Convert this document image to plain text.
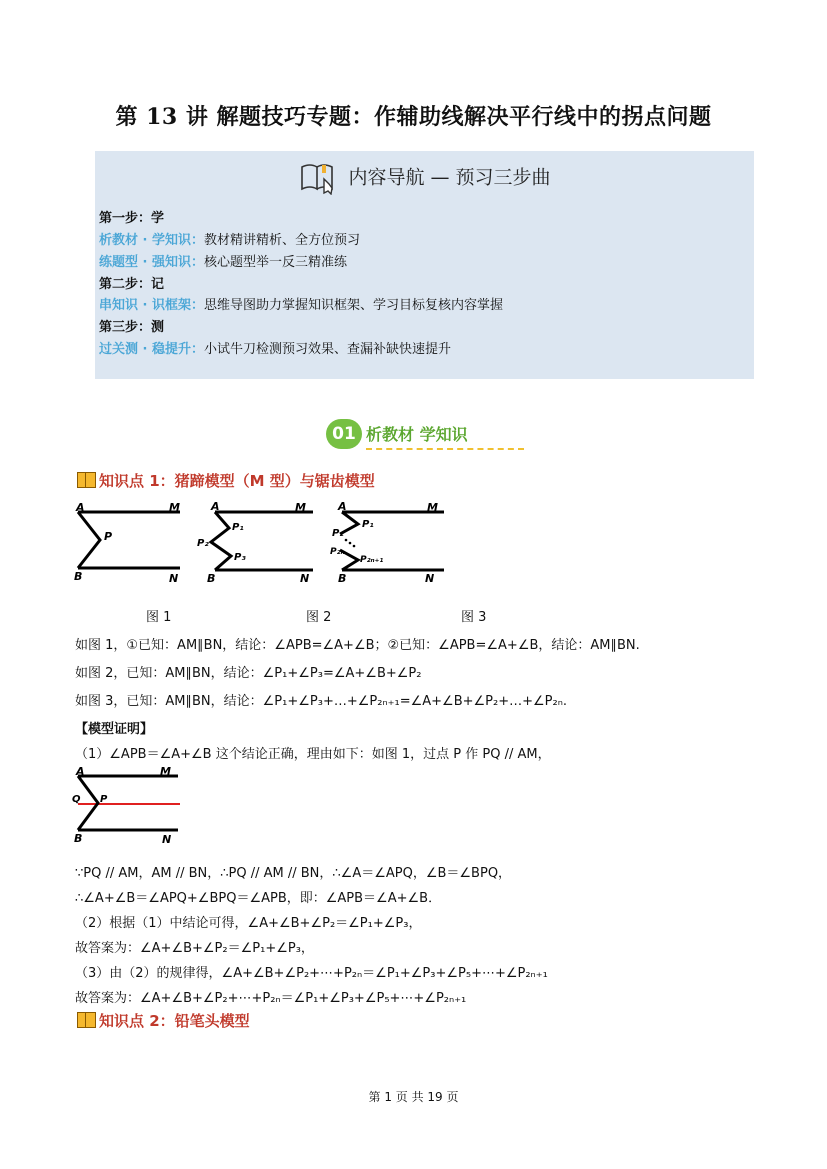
第 13 讲 解题技巧专题：作辅助线解决平行线中的拐点问题
内容导航 — 预习三步曲
第一步：学
析教材 · 学知识：教材精讲精析、全方位预习
练题型 · 强知识：核心题型举一反三精准练
第二步：记
串知识 · 识框架：思维导图助力掌握知识框架、学习目标复核内容掌握
第三步：测
过关测 · 稳提升：小试牛刀检测预习效果、查漏补缺快速提升
01 析教材 学知识
知识点 1：猪蹄模型（M 型）与锯齿模型
A	M
P
B	N
A	M
P₁
P₂
P₃
B	N
A	M
P₁
P₂
P₂ₙ
P₂ₙ₊₁
B	N
图 1	图 2	图 3
如图 1，①已知：AM∥BN，结论：∠APB=∠A+∠B；②已知：∠APB=∠A+∠B，结论：AM∥BN.
如图 2，已知：AM∥BN，结论：∠P₁+∠P₃=∠A+∠B+∠P₂
如图 3，已知：AM∥BN，结论：∠P₁+∠P₃+…+∠P₂ₙ₊₁=∠A+∠B+∠P₂+…+∠P₂ₙ.
【模型证明】
（1）∠APB＝∠A+∠B 这个结论正确，理由如下：如图 1，过点 P 作 PQ // AM，
A	M
Q P
B	N
∵PQ // AM，AM // BN，∴PQ // AM // BN，∴∠A＝∠APQ，∠B＝∠BPQ，
∴∠A+∠B＝∠APQ+∠BPQ＝∠APB，即：∠APB＝∠A+∠B．
（2）根据（1）中结论可得，∠A+∠B+∠P₂＝∠P₁+∠P₃，
故答案为：∠A+∠B+∠P₂＝∠P₁+∠P₃，
（3）由（2）的规律得，∠A+∠B+∠P₂+⋯+P₂ₙ＝∠P₁+∠P₃+∠P₅+⋯+∠P₂ₙ₊₁
故答案为：∠A+∠B+∠P₂+⋯+P₂ₙ＝∠P₁+∠P₃+∠P₅+⋯+∠P₂ₙ₊₁
知识点 2：铅笔头模型
第 1 页 共 19 页
